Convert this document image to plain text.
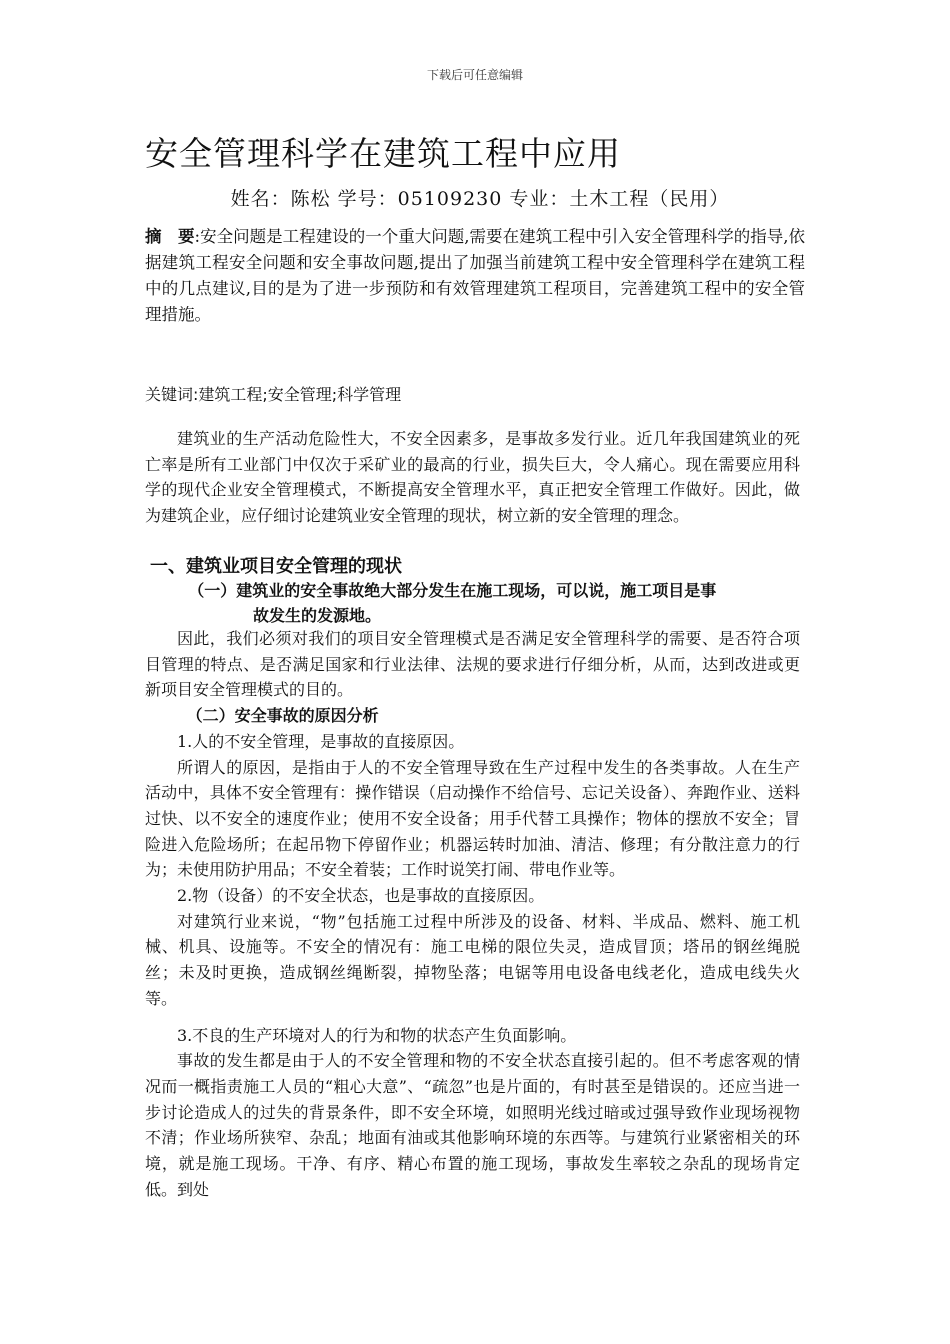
下载后可任意编辑
安全管理科学在建筑工程中应用
姓名：陈松 学号：05109230 专业：土木工程（民用）
摘　要:安全问题是工程建设的一个重大问题,需要在建筑工程中引入安全管理科学的指导,依据建筑工程安全问题和安全事故问题,提出了加强当前建筑工程中安全管理科学在建筑工程中的几点建议,目的是为了进一步预防和有效管理建筑工程项目，完善建筑工程中的安全管理措施。
关键词:建筑工程;安全管理;科学管理

建筑业的生产活动危险性大，不安全因素多，是事故多发行业。近几年我国建筑业的死亡率是所有工业部门中仅次于采矿业的最高的行业，损失巨大，令人痛心。现在需要应用科学的现代企业安全管理模式，不断提高安全管理水平，真正把安全管理工作做好。因此，做为建筑企业，应仔细讨论建筑业安全管理的现状，树立新的安全管理的理念。

一、建筑业项目安全管理的现状
（一）建筑业的安全事故绝大部分发生在施工现场，可以说，施工项目是事
故发生的发源地。

因此，我们必须对我们的项目安全管理模式是否满足安全管理科学的需要、是否符合项目管理的特点、是否满足国家和行业法律、法规的要求进行仔细分析，从而，达到改进或更新项目安全管理模式的目的。

（二）安全事故的原因分析

1.人的不安全管理，是事故的直接原因。

所谓人的原因，是指由于人的不安全管理导致在生产过程中发生的各类事故。人在生产活动中，具体不安全管理有：操作错误（启动操作不给信号、忘记关设备）、奔跑作业、送料过快、以不安全的速度作业；使用不安全设备；用手代替工具操作；物体的摆放不安全；冒险进入危险场所；在起吊物下停留作业；机器运转时加油、清洁、修理；有分散注意力的行为；未使用防护用品；不安全着装；工作时说笑打闹、带电作业等。

2.物（设备）的不安全状态，也是事故的直接原因。

对建筑行业来说，“物”包括施工过程中所涉及的设备、材料、半成品、燃料、施工机械、机具、设施等。不安全的情况有：施工电梯的限位失灵，造成冒顶；塔吊的钢丝绳脱丝；未及时更换，造成钢丝绳断裂，掉物坠落；电锯等用电设备电线老化，造成电线失火等。

3.不良的生产环境对人的行为和物的状态产生负面影响。

事故的发生都是由于人的不安全管理和物的不安全状态直接引起的。但不考虑客观的情况而一概指责施工人员的“粗心大意”、“疏忽”也是片面的，有时甚至是错误的。还应当进一步讨论造成人的过失的背景条件，即不安全环境，如照明光线过暗或过强导致作业现场视物不清；作业场所狭窄、杂乱；地面有油或其他影响环境的东西等。与建筑行业紧密相关的环境，就是施工现场。干净、有序、精心布置的施工现场，事故发生率较之杂乱的现场肯定低。到处
